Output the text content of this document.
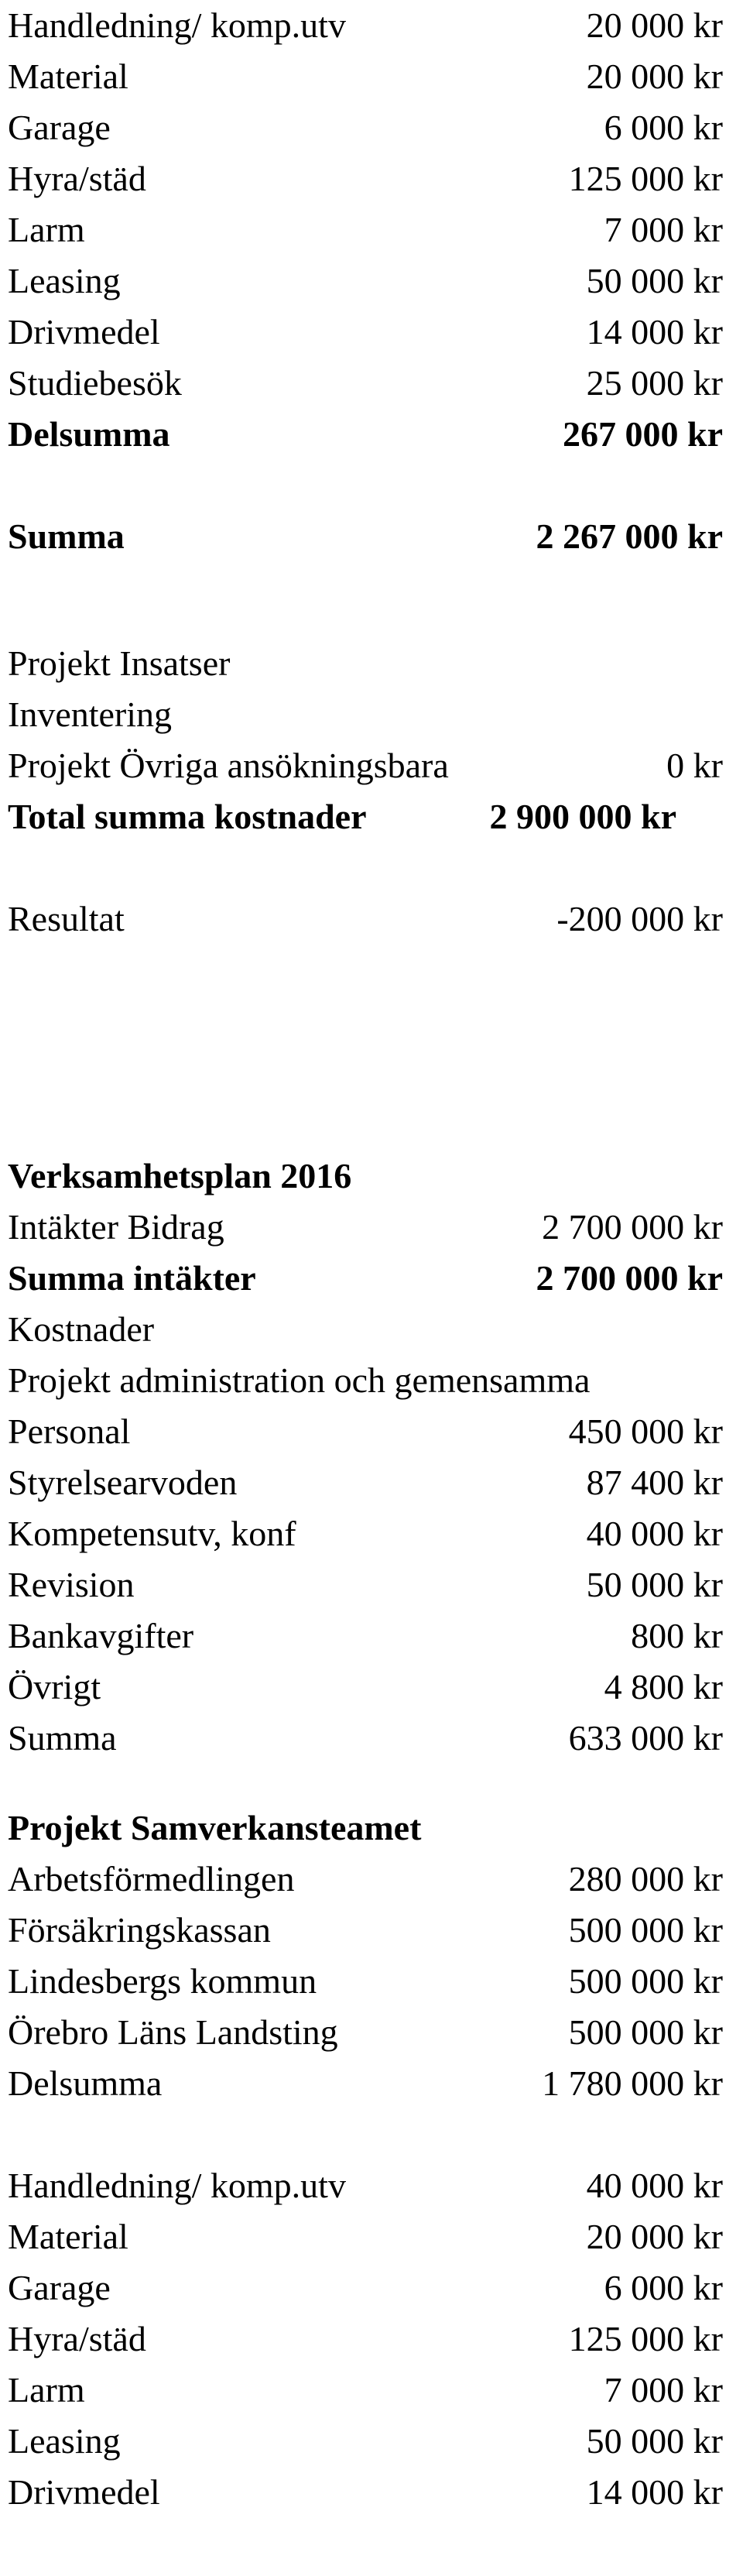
Handledning/ komp.utv	20 000 kr
Material	20 000 kr
Garage	6 000 kr
Hyra/städ	125 000 kr
Larm	7 000 kr
Leasing	50 000 kr
Drivmedel	14 000 kr
Studiebesök	25 000 kr
Delsumma	267 000 kr
Summa	2 267 000 kr
Projekt Insatser
Inventering
Projekt Övriga ansökningsbara	0 kr
Total summa kostnader	2 900 000 kr
Resultat	-200 000 kr
Verksamhetsplan 2016
Intäkter Bidrag	2 700 000 kr
Summa intäkter	2 700 000 kr
Kostnader
Projekt administration och gemensamma
Personal	450 000 kr
Styrelsearvoden	87 400 kr
Kompetensutv, konf	40 000 kr
Revision	50 000 kr
Bankavgifter	800 kr
Övrigt	4 800 kr
Summa	633 000 kr
Projekt Samverkansteamet
Arbetsförmedlingen	280 000 kr
Försäkringskassan	500 000 kr
Lindesbergs kommun	500 000 kr
Örebro Läns Landsting	500 000 kr
Delsumma	1 780 000 kr
Handledning/ komp.utv	40 000 kr
Material	20 000 kr
Garage	6 000 kr
Hyra/städ	125 000 kr
Larm	7 000 kr
Leasing	50 000 kr
Drivmedel	14 000 kr
